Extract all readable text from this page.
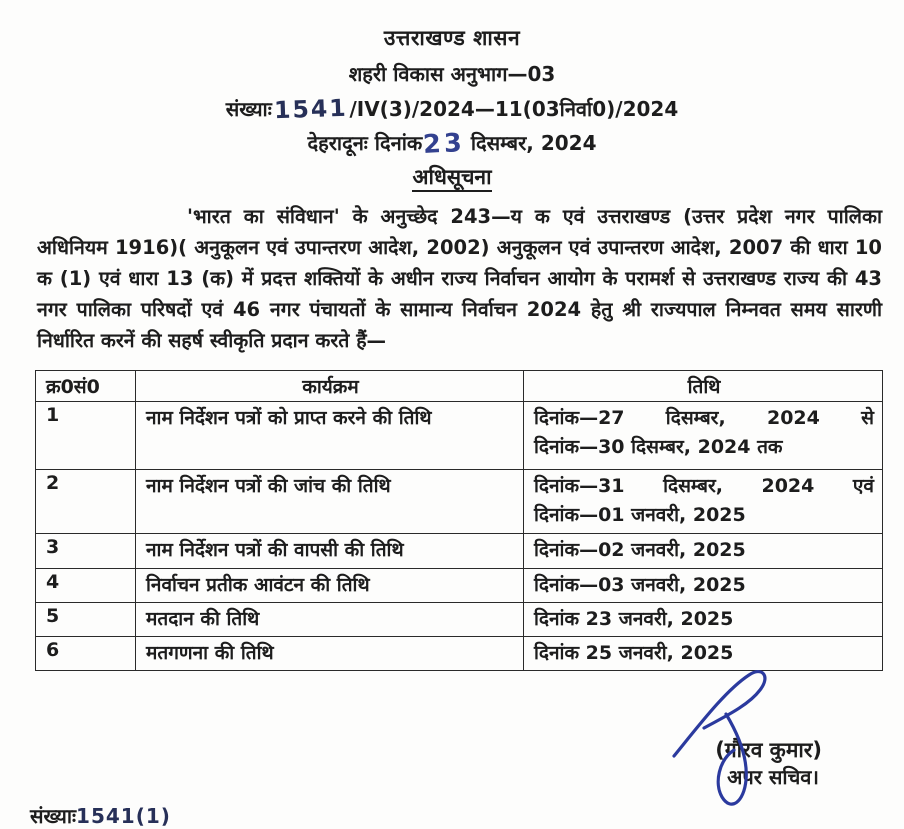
उत्तराखण्ड शासन
शहरी विकास अनुभाग—03
संख्याः1541/IV(3)/2024—11(03निर्वा0)/2024
देहरादूनः दिनांक23 दिसम्बर, 2024
अधिसूचना

'भारत का संविधान' के अनुच्छेद 243—य क एवं उत्तराखण्ड (उत्तर प्रदेश नगर पालिका अधिनियम 1916)( अनुकूलन एवं उपान्तरण आदेश, 2002) अनुकूलन एवं उपान्तरण आदेश, 2007 की धारा 10 क (1) एवं धारा 13 (क) में प्रदत्त शक्तियों के अधीन राज्य निर्वाचन आयोग के परामर्श से उत्तराखण्ड राज्य की 43 नगर पालिका परिषदों एवं 46 नगर पंचायतों के सामान्य निर्वाचन 2024 हेतु श्री राज्यपाल निम्नवत समय सारणी निर्धारित करनें की सहर्ष स्वीकृति प्रदान करते हैं—

क्र0सं0	कार्यक्रम	तिथि
1	नाम निर्देशन पत्रों को प्राप्त करने की तिथि	दिनांक—27 दिसम्बर, 2024 से
दिनांक—30 दिसम्बर, 2024 तक

2	नाम निर्देशन पत्रों की जांच की तिथि	दिनांक—31 दिसम्बर, 2024 एवं
दिनांक—01 जनवरी, 2025

3	नाम निर्देशन पत्रों की वापसी की तिथि	दिनांक—02 जनवरी, 2025

4	निर्वाचन प्रतीक आवंटन की तिथि	दिनांक—03 जनवरी, 2025

5	मतदान की तिथि	दिनांक 23 जनवरी, 2025

6	मतगणना की तिथि	दिनांक 25 जनवरी, 2025
(गौरव कुमार)
अपर सचिव।
संख्याः1541(1)
